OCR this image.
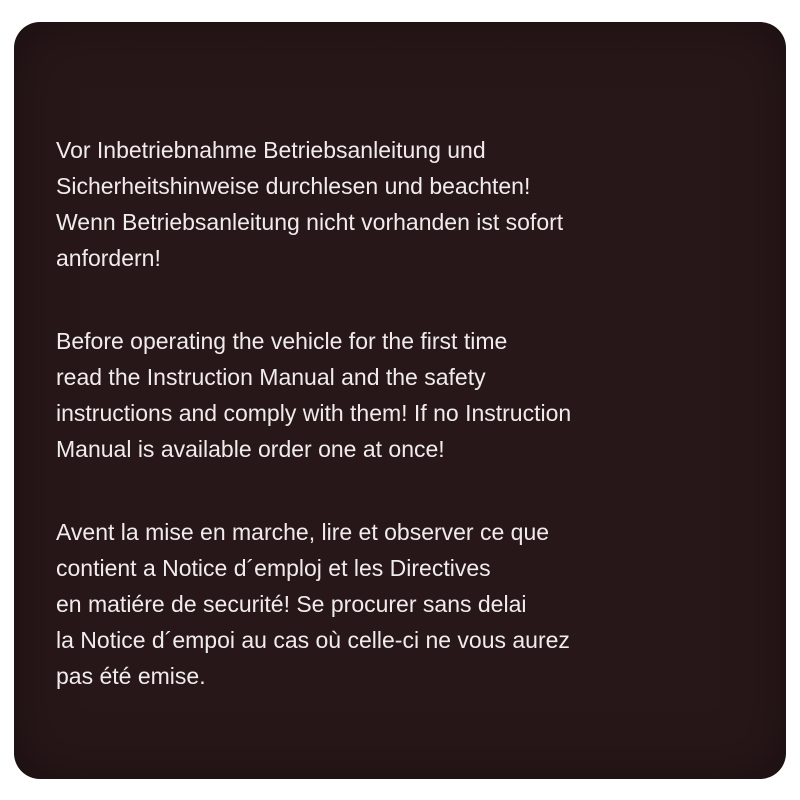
Vor Inbetriebnahme Betriebsanleitung und
Sicherheitshinweise durchlesen und beachten!
Wenn Betriebsanleitung nicht vorhanden ist sofort
anfordern!

Before operating the vehicle for the first time
read the Instruction Manual and the safety
instructions and comply with them! If no Instruction
Manual is available order one at once!

Avent la mise en marche, lire et observer ce que
contient a Notice d´emploj et les Directives
en matiére de securité! Se procurer sans delai
la Notice d´empoi au cas où celle-ci ne vous aurez
pas été emise.
